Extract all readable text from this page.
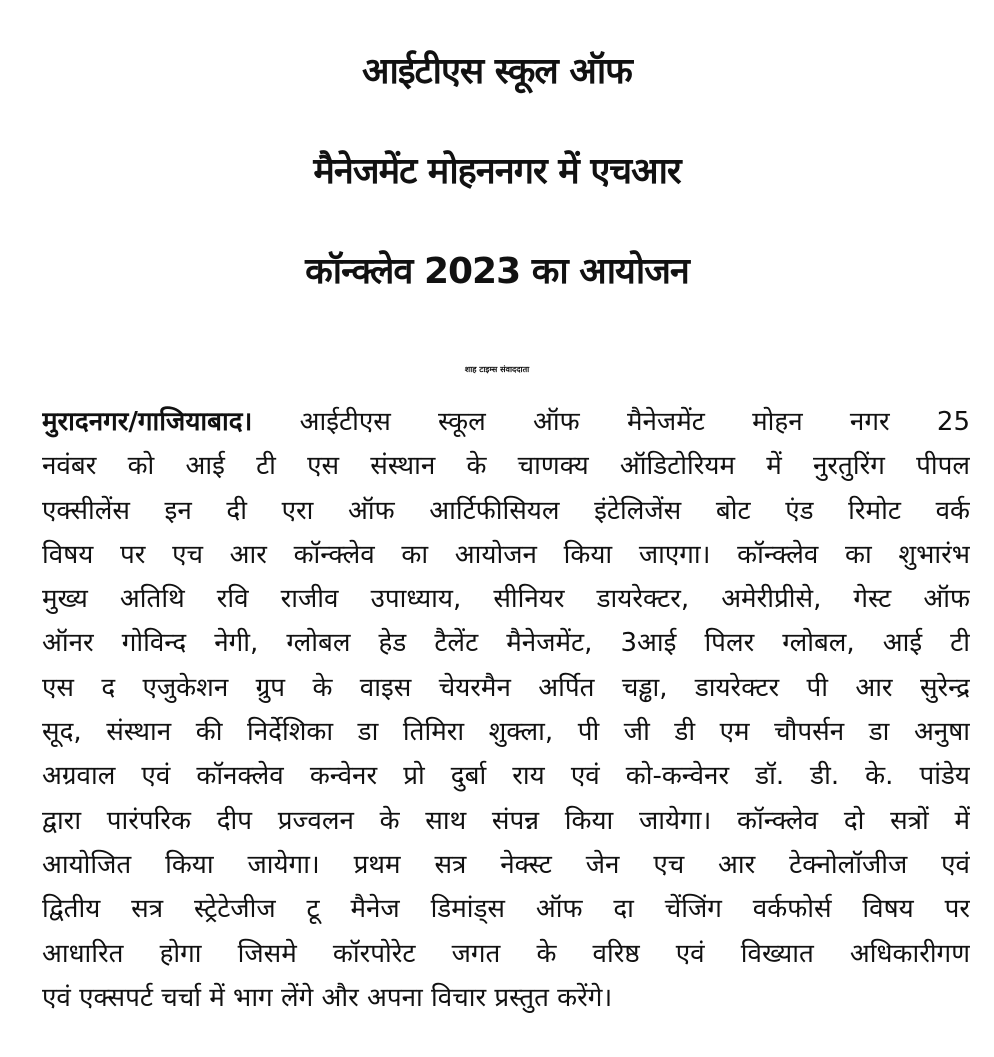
आईटीएस स्कूल ऑफ
मैनेजमेंट मोहननगर में एचआर
कॉन्क्लेव 2023 का आयोजन
शाह टाइम्स संवाददाता
मुरादनगर/गाजियाबाद। आईटीएस स्कूल ऑफ मैनेजमेंट मोहन नगर 25
नवंबर को आई टी एस संस्थान के चाणक्य ऑडिटोरियम में नुरतुरिंग पीपल
एक्सीलेंस इन दी एरा ऑफ आर्टिफीसियल इंटेलिजेंस बोट एंड रिमोट वर्क
विषय पर एच आर कॉन्क्लेव का आयोजन किया जाएगा। कॉन्क्लेव का शुभारंभ
मुख्य अतिथि रवि राजीव उपाध्याय, सीनियर डायरेक्टर, अमेरीप्रीसे, गेस्ट ऑफ
ऑनर गोविन्द नेगी, ग्लोबल हेड टैलेंट मैनेजमेंट, 3आई पिलर ग्लोबल, आई टी
एस द एजुकेशन ग्रुप के वाइस चेयरमैन अर्पित चड्ढा, डायरेक्टर पी आर सुरेन्द्र
सूद, संस्थान की निर्देशिका डा तिमिरा शुक्ला, पी जी डी एम चौपर्सन डा अनुषा
अग्रवाल एवं कॉनक्लेव कन्वेनर प्रो दुर्बा राय एवं को-कन्वेनर डॉ. डी. के. पांडेय
द्वारा पारंपरिक दीप प्रज्वलन के साथ संपन्न किया जायेगा। कॉन्क्लेव दो सत्रों में
आयोजित किया जायेगा। प्रथम सत्र नेक्स्ट जेन एच आर टेक्नोलॉजीज एवं
द्वितीय सत्र स्ट्रेटेजीज टू मैनेज डिमांड्स ऑफ दा चेंजिंग वर्कफोर्स विषय पर
आधारित होगा जिसमे कॉरपोरेट जगत के वरिष्ठ एवं विख्यात अधिकारीगण
एवं एक्सपर्ट चर्चा में भाग लेंगे और अपना विचार प्रस्तुत करेंगे।
